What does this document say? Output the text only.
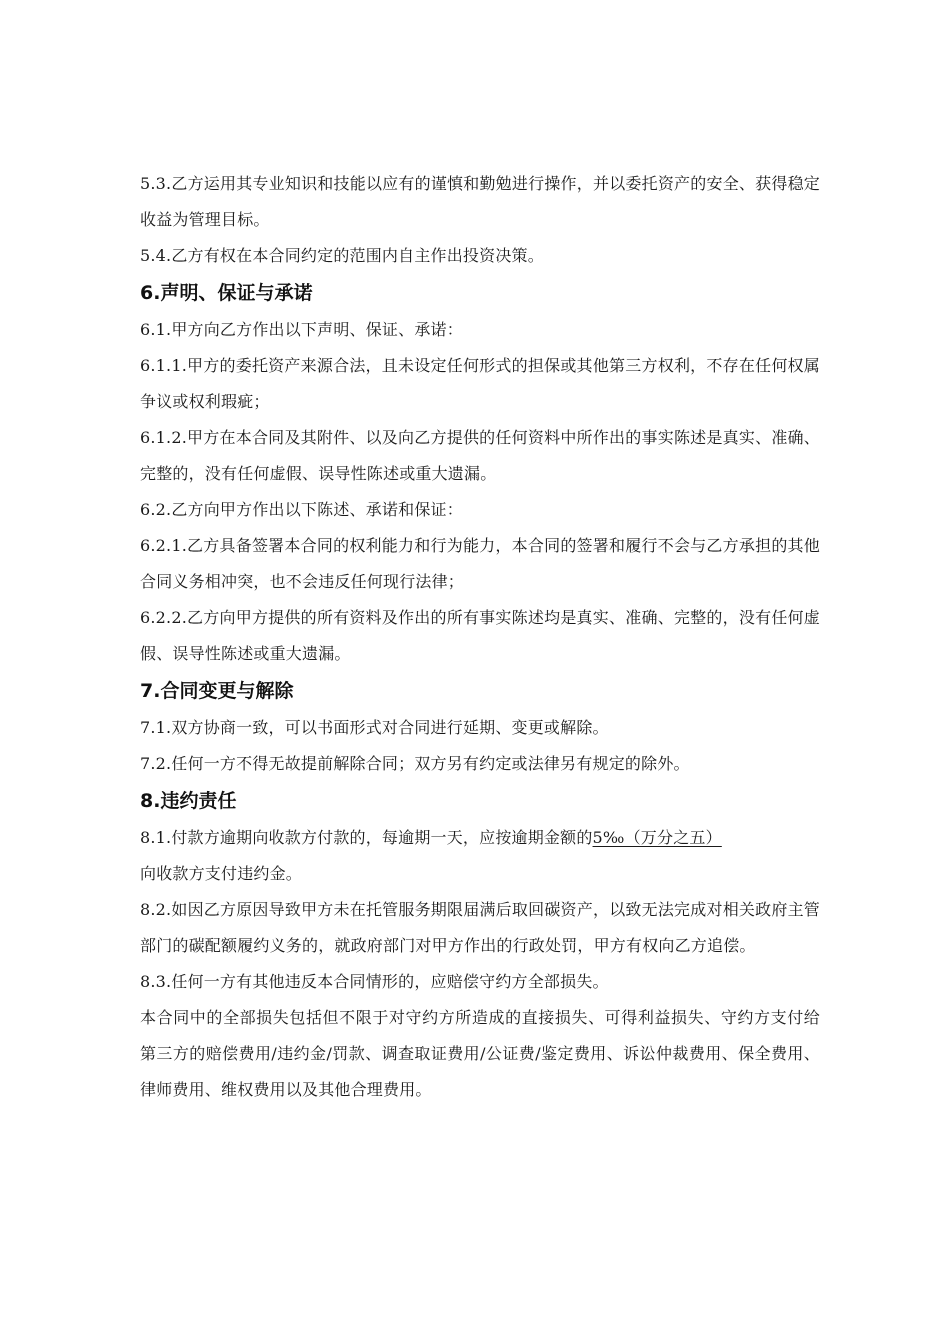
5.3.乙方运用其专业知识和技能以应有的谨慎和勤勉进行操作，并以委托资产的安全、获得稳定收益为管理目标。

5.4.乙方有权在本合同约定的范围内自主作出投资决策。

6.声明、保证与承诺

6.1.甲方向乙方作出以下声明、保证、承诺：

6.1.1.甲方的委托资产来源合法，且未设定任何形式的担保或其他第三方权利，不存在任何权属争议或权利瑕疵；

6.1.2.甲方在本合同及其附件、以及向乙方提供的任何资料中所作出的事实陈述是真实、准确、完整的，没有任何虚假、误导性陈述或重大遗漏。

6.2.乙方向甲方作出以下陈述、承诺和保证：

6.2.1.乙方具备签署本合同的权利能力和行为能力，本合同的签署和履行不会与乙方承担的其他合同义务相冲突，也不会违反任何现行法律；

6.2.2.乙方向甲方提供的所有资料及作出的所有事实陈述均是真实、准确、完整的，没有任何虚假、误导性陈述或重大遗漏。

7.合同变更与解除

7.1.双方协商一致，可以书面形式对合同进行延期、变更或解除。

7.2.任何一方不得无故提前解除合同；双方另有约定或法律另有规定的除外。

8.违约责任

8.1.付款方逾期向收款方付款的，每逾期一天，应按逾期金额的5‰（万分之五）
向收款方支付违约金。

8.2.如因乙方原因导致甲方未在托管服务期限届满后取回碳资产，以致无法完成对相关政府主管部门的碳配额履约义务的，就政府部门对甲方作出的行政处罚，甲方有权向乙方追偿。

8.3.任何一方有其他违反本合同情形的，应赔偿守约方全部损失。

本合同中的全部损失包括但不限于对守约方所造成的直接损失、可得利益损失、守约方支付给第三方的赔偿费用/违约金/罚款、调查取证费用/公证费/鉴定费用、诉讼仲裁费用、保全费用、律师费用、维权费用以及其他合理费用。
